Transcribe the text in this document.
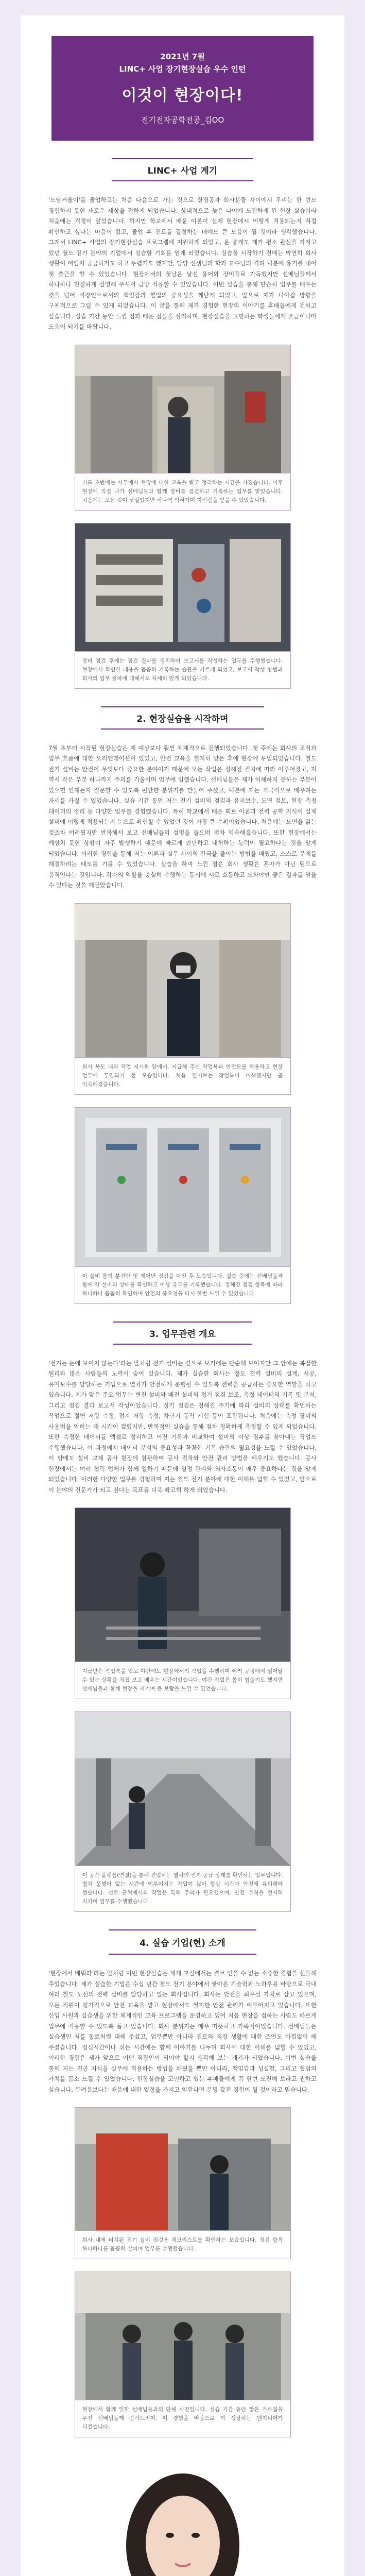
2021년 7월
LINC+ 사업 장기현장실습 우수 인턴
이것이 현장이다!
전기전자공학전공_김OO
LINC+ 사업 계기

'도담거울이'를 졸업하고는 처음 다음으로 가는 것으로 장경공과 회사분들 사이에서 우리는 한 번도 경험하지 못한 새로운 세상을 접하게 되었습니다. 상대적으로 늦은 나이에 도전하게 된 현장 실습이라 처음에는 걱정이 앞섰습니다. 하지만 학교에서 배운 이론이 실제 현장에서 어떻게 적용되는지 직접 확인하고 싶다는 마음이 컸고, 졸업 후 진로를 결정하는 데에도 큰 도움이 될 것이라 생각했습니다. 그래서 LINC+ 사업의 장기현장실습 프로그램에 지원하게 되었고, 운 좋게도 제가 평소 관심을 가지고 있던 철도 전기 분야의 기업에서 실습할 기회를 얻게 되었습니다. 실습을 시작하기 전에는 막연히 회사 생활이 어떨지 궁금하기도 하고 두렵기도 했지만, 담당 선생님과 학과 교수님의 격려 덕분에 용기를 내어 첫 출근을 할 수 있었습니다. 현장에서의 첫날은 낯선 용어와 장비들로 가득했지만 선배님들께서 하나하나 친절하게 설명해 주셔서 금방 적응할 수 있었습니다. 이번 실습을 통해 단순히 업무를 배우는 것을 넘어 직장인으로서의 책임감과 협업의 중요성을 깨닫게 되었고, 앞으로 제가 나아갈 방향을 구체적으로 그릴 수 있게 되었습니다. 이 글을 통해 제가 경험한 현장의 이야기를 후배들에게 전하고 싶습니다. 실습 기간 동안 느낀 점과 배운 점들을 정리하며, 현장실습을 고민하는 학생들에게 조금이나마 도움이 되기를 바랍니다.

기를 초반에는 사무에서 현장에 대한 교육을 받고 정리하는 시간을 가졌습니다. 이후 현장에 직접 나가 선배님들과 함께 장비를 점검하고 기록하는 업무를 맡았습니다. 처음에는 모든 것이 낯설었지만 하나씩 익혀가며 자신감을 얻을 수 있었습니다.
장비 점검 후에는 점검 결과를 정리하여 보고서를 작성하는 업무를 수행했습니다. 현장에서 확인한 내용을 꼼꼼히 기록하는 습관을 기르게 되었고, 보고서 작성 방법과 회사의 업무 절차에 대해서도 자세히 알게 되었습니다.
2. 현장실습을 시작하며

7월 초부터 시작된 현장실습은 제 예상보다 훨씬 체계적으로 진행되었습니다. 첫 주에는 회사의 조직과 업무 흐름에 대한 오리엔테이션이 있었고, 안전 교육을 철저히 받은 후에 현장에 투입되었습니다. 철도 전기 설비는 안전이 무엇보다 중요한 분야이기 때문에 모든 작업은 정해진 절차에 따라 이루어졌고, 저 역시 작은 부분 하나까지 주의를 기울이며 업무에 임했습니다. 선배님들은 제가 이해하지 못하는 부분이 있으면 언제든지 질문할 수 있도록 편안한 분위기를 만들어 주셨고, 덕분에 저는 적극적으로 배우려는 자세를 가질 수 있었습니다. 실습 기간 동안 저는 전기 설비의 점검과 유지보수, 도면 검토, 현장 측정 데이터의 정리 등 다양한 업무를 경험했습니다. 특히 학교에서 배운 회로 이론과 전력 공학 지식이 실제 설비에 어떻게 적용되는지 눈으로 확인할 수 있었던 것이 가장 큰 수확이었습니다. 처음에는 도면을 읽는 것조차 어려웠지만 반복해서 보고 선배님들의 설명을 들으며 점차 익숙해졌습니다. 또한 현장에서는 예상치 못한 상황이 자주 발생하기 때문에 빠르게 판단하고 대처하는 능력이 필요하다는 것을 알게 되었습니다. 이러한 경험을 통해 저는 이론과 실무 사이의 간극을 줄이는 방법을 배웠고, 스스로 문제를 해결하려는 태도를 기를 수 있었습니다. 실습을 하며 느낀 점은 회사 생활은 혼자가 아닌 팀으로 움직인다는 것입니다. 각자의 역할을 충실히 수행하는 동시에 서로 소통하고 도와야만 좋은 결과를 얻을 수 있다는 것을 깨달았습니다.

회사 복도 내의 작업 지시판 앞에서. 지급해 주신 작업복과 안전모를 착용하고 현장 업무에 투입되기 전 모습입니다. 처음 입어보는 작업복이 어색했지만 곧 익숙해졌습니다.
이 설비 룸의 분전반 및 제어반 점검을 마친 후 모습입니다. 실습 중에는 선배님들과 함께 각 설비의 상태를 확인하고 이상 유무를 기록했습니다. 정해진 점검 항목에 따라 하나하나 꼼꼼히 확인하며 안전의 중요성을 다시 한번 느낄 수 있었습니다.
3. 업무관련 개요

'전기는 눈에 보이지 않는다'라는 말처럼 전기 설비는 겉으로 보기에는 단순해 보이지만 그 안에는 복잡한 원리와 많은 사람들의 노력이 숨어 있습니다. 제가 실습한 회사는 철도 전력 설비의 설계, 시공, 유지보수를 담당하는 기업으로 열차가 안전하게 운행될 수 있도록 전력을 공급하는 중요한 역할을 하고 있습니다. 제가 맡은 주요 업무는 변전 설비와 배전 설비의 정기 점검 보조, 측정 데이터의 기록 및 분석, 그리고 점검 결과 보고서 작성이었습니다. 정기 점검은 정해진 주기에 따라 설비의 상태를 확인하는 작업으로 절연 저항 측정, 접지 저항 측정, 차단기 동작 시험 등이 포함됩니다. 처음에는 측정 장비의 사용법을 익히는 데 시간이 걸렸지만, 반복적인 실습을 통해 점차 정확하게 측정할 수 있게 되었습니다. 또한 측정한 데이터를 엑셀로 정리하고 이전 기록과 비교하여 설비의 이상 징후를 찾아내는 작업도 수행했습니다. 이 과정에서 데이터 분석의 중요성과 꼼꼼한 기록 습관의 필요성을 느낄 수 있었습니다. 이 밖에도 설비 교체 공사 현장에 참관하여 공사 절차와 안전 관리 방법을 배우기도 했습니다. 공사 현장에서는 여러 협력 업체가 함께 일하기 때문에 일정 관리와 의사소통이 매우 중요하다는 것을 알게 되었습니다. 이러한 다양한 업무를 경험하며 저는 철도 전기 분야에 대한 이해를 넓힐 수 있었고, 앞으로 이 분야의 전문가가 되고 싶다는 목표를 더욱 확고히 하게 되었습니다.

지급받은 작업복을 입고 야간에도 현장에서의 작업을 수행하며 여러 공정에서 일어날 수 있는 상황을 직접 보고 배우는 시간이었습니다. 야간 작업은 몸이 힘들기도 했지만 선배님들과 함께 현장을 지키며 큰 보람을 느낄 수 있었습니다.
이 공간 플랫폼(연결)을 통해 진입하는 열차의 전기 공급 상태를 확인하는 업무입니다. 열차 운행이 없는 시간에 이루어지는 작업이 많아 항상 시간과 안전에 유의해야 했습니다. 선로 근처에서의 작업은 특히 주의가 필요했으며, 안전 수칙을 철저히 지키며 업무를 수행했습니다.
4. 실습 기업(현) 소개

'현장에서 배워라'라는 말처럼 이번 현장실습은 제게 교실에서는 결코 얻을 수 없는 소중한 경험을 선물해 주었습니다. 제가 실습한 기업은 수십 년간 철도 전기 분야에서 쌓아온 기술력과 노하우를 바탕으로 국내 여러 철도 노선의 전력 설비를 담당하고 있는 회사입니다. 회사는 안전을 최우선 가치로 삼고 있으며, 모든 직원이 정기적으로 안전 교육을 받고 현장에서도 철저한 안전 관리가 이루어지고 있습니다. 또한 신입 사원과 실습생을 위한 체계적인 교육 프로그램을 운영하고 있어 처음 현장을 접하는 사람도 빠르게 업무에 적응할 수 있도록 돕고 있습니다. 회사 분위기는 매우 따뜻하고 가족적이었습니다. 선배님들은 실습생인 저를 동료처럼 대해 주셨고, 업무뿐만 아니라 진로와 직장 생활에 대한 조언도 아낌없이 해 주셨습니다. 점심시간이나 쉬는 시간에는 함께 이야기를 나누며 회사에 대한 이해를 넓힐 수 있었고, 이러한 경험은 제가 앞으로 어떤 직장인이 되어야 할지 생각해 보는 계기가 되었습니다. 이번 실습을 통해 저는 전공 지식을 실무에 적용하는 방법을 배웠을 뿐만 아니라, 책임감과 성실함, 그리고 협업의 가치를 몸소 느낄 수 있었습니다. 현장실습을 고민하고 있는 후배들에게 꼭 한번 도전해 보라고 권하고 싶습니다. 두려움보다는 배움에 대한 열정을 가지고 임한다면 분명 값진 경험이 될 것이라고 믿습니다.

회사 내에 비치된 전기 설비 점검용 체크리스트를 확인하는 모습입니다. 점검 항목 하나하나를 꼼꼼히 살피며 업무를 수행했습니다.
현장에서 함께 일한 선배님들과의 단체 사진입니다. 실습 기간 동안 많은 가르침을 주신 선배님들께 감사드리며, 이 경험을 바탕으로 더 성장하는 엔지니어가 되겠습니다.
